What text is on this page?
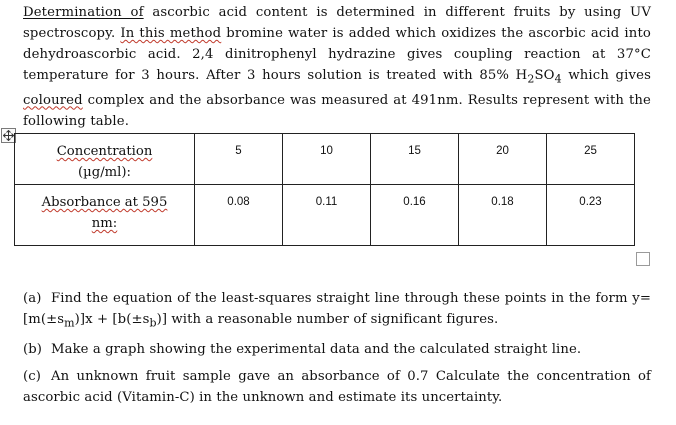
Determination of ascorbic acid content is determined in different fruits by using UV spectroscopy. In this method bromine water is added which oxidizes the ascorbic acid into dehydroascorbic acid. 2,4 dinitrophenyl hydrazine gives coupling reaction at 37°C temperature for 3 hours. After 3 hours solution is treated with 85% $H_2SO_4$ which gives coloured complex and the absorbance was measured at 491nm. Results represent with the following table.
Concentration
(µg/ml):	5	10	15	20	25

Absorbance at 595
nm:	0.08	0.11	0.16	0.18	0.23
(a) Find the equation of the least-squares straight line through these points in the form $y=[m(\pm s_m)]x + [b(\pm s_b)]$ with a reasonable number of significant figures.
(b) Make a graph showing the experimental data and the calculated straight line.
(c) An unknown fruit sample gave an absorbance of 0.7 Calculate the concentration of ascorbic acid (Vitamin-C) in the unknown and estimate its uncertainty.
